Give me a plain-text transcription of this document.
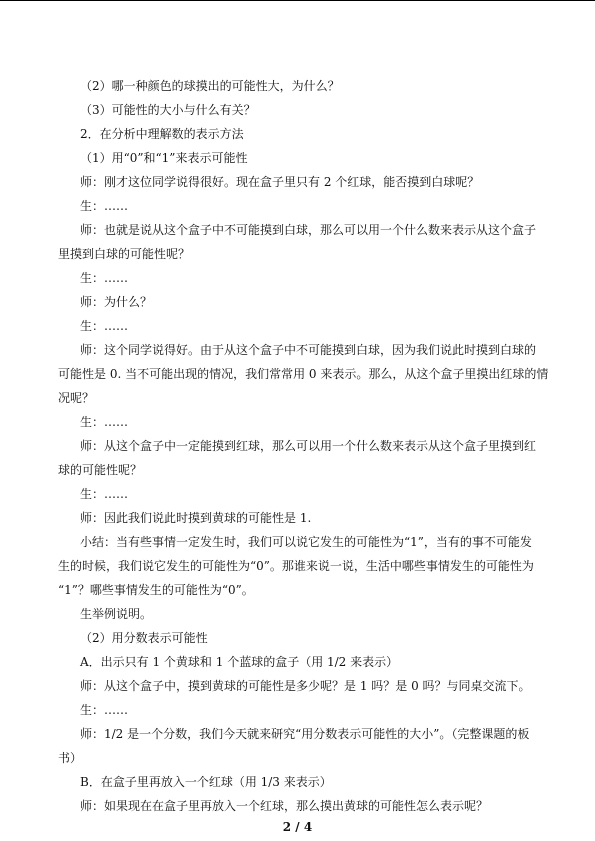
（2）哪一种颜色的球摸出的可能性大，为什么？
（3）可能性的大小与什么有关？
2．在分析中理解数的表示方法
（1）用“0”和“1”来表示可能性
师：刚才这位同学说得很好。现在盒子里只有 2 个红球，能否摸到白球呢？
生：……
师：也就是说从这个盒子中不可能摸到白球，那么可以用一个什么数来表示从这个盒子
里摸到白球的可能性呢？
生：……
师：为什么？
生：……
师：这个同学说得好。由于从这个盒子中不可能摸到白球，因为我们说此时摸到白球的
可能性是 0. 当不可能出现的情况，我们常常用 0 来表示。那么，从这个盒子里摸出红球的情
况呢？
生：……
师：从这个盒子中一定能摸到红球，那么可以用一个什么数来表示从这个盒子里摸到红
球的可能性呢？
生：……
师：因此我们说此时摸到黄球的可能性是 1.
小结：当有些事情一定发生时，我们可以说它发生的可能性为“1”，当有的事不可能发
生的时候，我们说它发生的可能性为“0”。那谁来说一说，生活中哪些事情发生的可能性为
“1”？哪些事情发生的可能性为“0”。
生举例说明。
（2）用分数表示可能性
A．出示只有 1 个黄球和 1 个蓝球的盒子（用 1/2 来表示）
师：从这个盒子中，摸到黄球的可能性是多少呢？是 1 吗？是 0 吗？与同桌交流下。
生：……
师：1/2 是一个分数，我们今天就来研究“用分数表示可能性的大小”。（完整课题的板
书）
B．在盒子里再放入一个红球（用 1/3 来表示）
师：如果现在在盒子里再放入一个红球，那么摸出黄球的可能性怎么表示呢？
2 / 4
